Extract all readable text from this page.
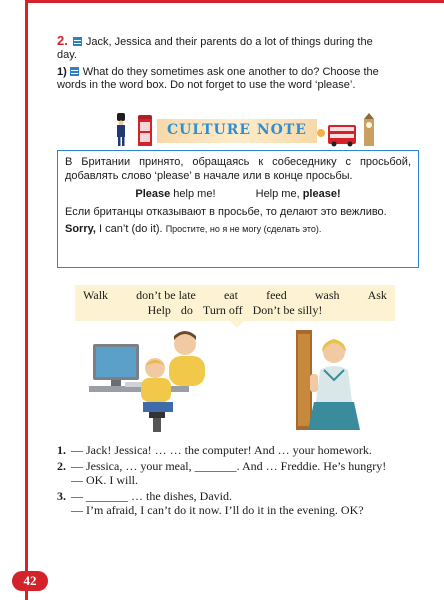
2. Jack, Jessica and their parents do a lot of things during the day.
1) What do they sometimes ask one another to do? Choose the words in the word box. Do not forget to use the word ‘please’.
CULTURE NOTE

В Британии принято, обращаясь к собеседнику с просьбой, добавлять слово ‘please’ в начале или в конце просьбы.

Please help me!	Help me, please!

Если британцы отказывают в просьбе, то делают это вежливо.

Sorry, I can’t (do it). Простите, но я не могу (сделать это).

Walk don’t be late eat feed wash Ask
Help do Turn off Don’t be silly!
1. — Jack! Jessica! … … the computer! And … your homework.
2. — Jessica, … your meal, _______. And … Freddie. He’s hungry!
— OK. I will.
3. — _______ … the dishes, David.
— I’m afraid, I can’t do it now. I’ll do it in the evening. OK?
42
